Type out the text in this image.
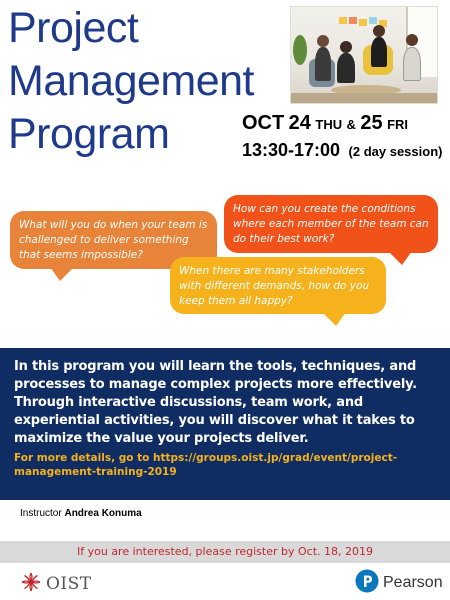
Project
Management
Program	OCT 24 THU & 25 FRI
13:30-17:00 (2 day session)
What will you do when your team is challenged to deliver something that seems impossible?
How can you create the conditions where each member of the team can do their best work?
When there are many stakeholders with different demands, how do you keep them all happy?
In this program you will learn the tools, techniques, and processes to manage complex projects more effectively. Through interactive discussions, team work, and experiential activities, you will discover what it takes to maximize the value your projects deliver.
For more details, go to https://groups.oist.jp/grad/event/project-management-training-2019
Instructor Andrea Konuma
If you are interested, please register by Oct. 18, 2019
OIST	Pearson
